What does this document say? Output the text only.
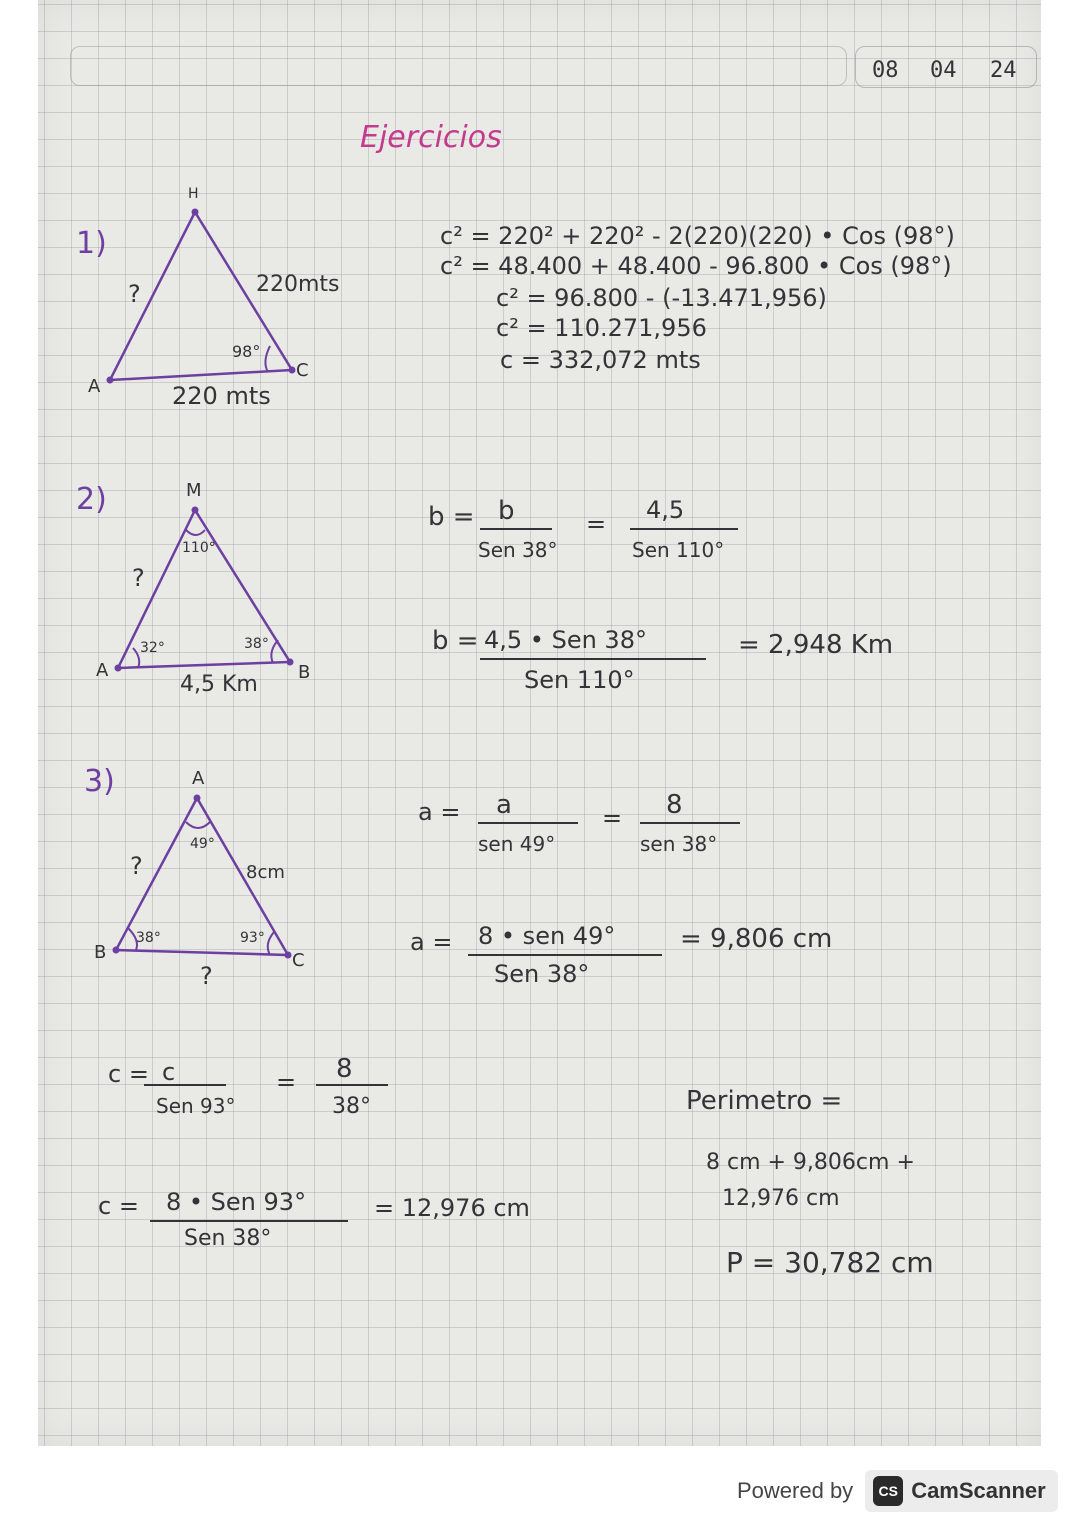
08 04 24
Ejercicios
1)
H
A
C
?	220mts
220 mts
98°
c² = 220² + 220² - 2(220)(220) • Cos (98°)
c² = 48.400 + 48.400 - 96.800 • Cos (98°)
c² = 96.800 - (-13.471,956)
c² = 110.271,956
c = 332,072 mts
2)	M
A	B
?
110°
32°	38°
4,5 Km
b = b
Sen 38°
= 4,5
Sen 110°
b = 4,5 • Sen 38°
Sen 110°
= 2,948 Km
3)	A
B	C
?
?
49°
38°	93°
8cm
a = a
sen 49°
= 8
sen 38°
a = 8 • sen 49°
Sen 38°
= 9,806 cm
c = c
Sen 93°
= 8
38°
c = 8 • Sen 93°
Sen 38°
= 12,976 cm
Perimetro =
8 cm + 9,806cm +
12,976 cm
P = 30,782 cm
Powered by	CS CamScanner
